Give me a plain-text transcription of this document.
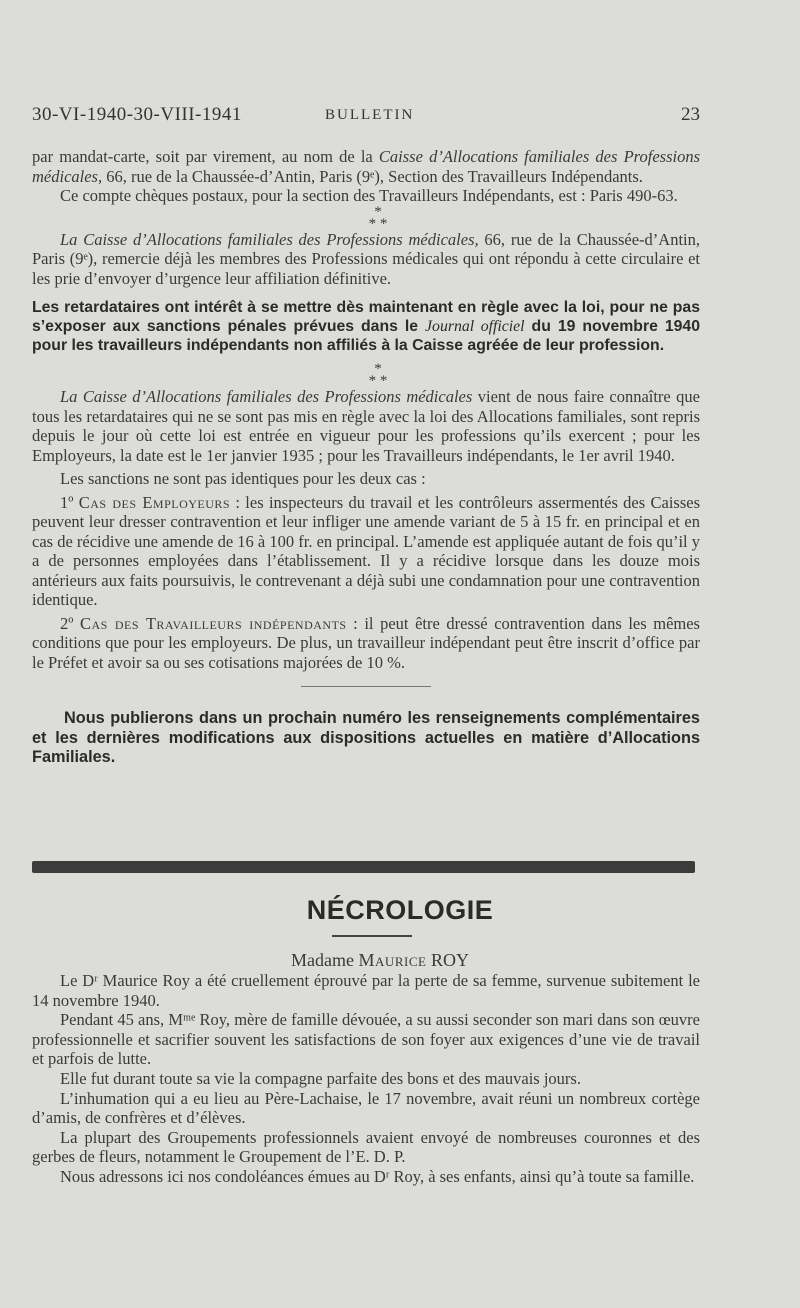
30-VI-1940-30-VIII-1941	BULLETIN	23

par mandat-carte, soit par virement, au nom de la Caisse d’Allocations familiales des Professions médicales, 66, rue de la Chaussée-d’Antin, Paris (9ᵉ), Section des Travailleurs Indépendants.

Ce compte chèques postaux, pour la section des Travailleurs Indépendants, est : Paris 490-63.

*
* *

La Caisse d’Allocations familiales des Professions médicales, 66, rue de la Chaussée-d’Antin, Paris (9ᵉ), remercie déjà les membres des Professions médicales qui ont répondu à cette circulaire et les prie d’envoyer d’urgence leur affiliation définitive.

Les retardataires ont intérêt à se mettre dès maintenant en règle avec la loi, pour ne pas s’exposer aux sanctions pénales prévues dans le Journal officiel du 19 novembre 1940 pour les travailleurs indépendants non affiliés à la Caisse agréée de leur profession.

*
* *

La Caisse d’Allocations familiales des Professions médicales vient de nous faire connaître que tous les retardataires qui ne se sont pas mis en règle avec la loi des Allocations familiales, sont repris depuis le jour où cette loi est entrée en vigueur pour les professions qu’ils exercent ; pour les Employeurs, la date est le 1er janvier 1935 ; pour les Travailleurs indépendants, le 1er avril 1940.

Les sanctions ne sont pas identiques pour les deux cas :

1º Cas des Employeurs : les inspecteurs du travail et les contrôleurs assermentés des Caisses peuvent leur dresser contravention et leur infliger une amende variant de 5 à 15 fr. en principal et en cas de récidive une amende de 16 à 100 fr. en principal. L’amende est appliquée autant de fois qu’il y a de personnes employées dans l’établissement. Il y a récidive lorsque dans les douze mois antérieurs aux faits poursuivis, le contrevenant a déjà subi une condamnation pour une contravention identique.

2º Cas des Travailleurs indépendants : il peut être dressé contravention dans les mêmes conditions que pour les employeurs. De plus, un travailleur indépendant peut être inscrit d’office par le Préfet et avoir sa ou ses cotisations majorées de 10 %.

Nous publierons dans un prochain numéro les renseignements complémentaires et les dernières modifications aux dispositions actuelles en matière d’Allocations Familiales.

NÉCROLOGIE
Madame Maurice ROY

Le Dʳ Maurice Roy a été cruellement éprouvé par la perte de sa femme, survenue subitement le 14 novembre 1940.

Pendant 45 ans, Mᵐᵉ Roy, mère de famille dévouée, a su aussi seconder son mari dans son œuvre professionnelle et sacrifier souvent les satisfactions de son foyer aux exigences d’une vie de travail et parfois de lutte.

Elle fut durant toute sa vie la compagne parfaite des bons et des mauvais jours.

L’inhumation qui a eu lieu au Père-Lachaise, le 17 novembre, avait réuni un nombreux cortège d’amis, de confrères et d’élèves.

La plupart des Groupements professionnels avaient envoyé de nombreuses couronnes et des gerbes de fleurs, notamment le Groupement de l’E. D. P.

Nous adressons ici nos condoléances émues au Dʳ Roy, à ses enfants, ainsi qu’à toute sa famille.
